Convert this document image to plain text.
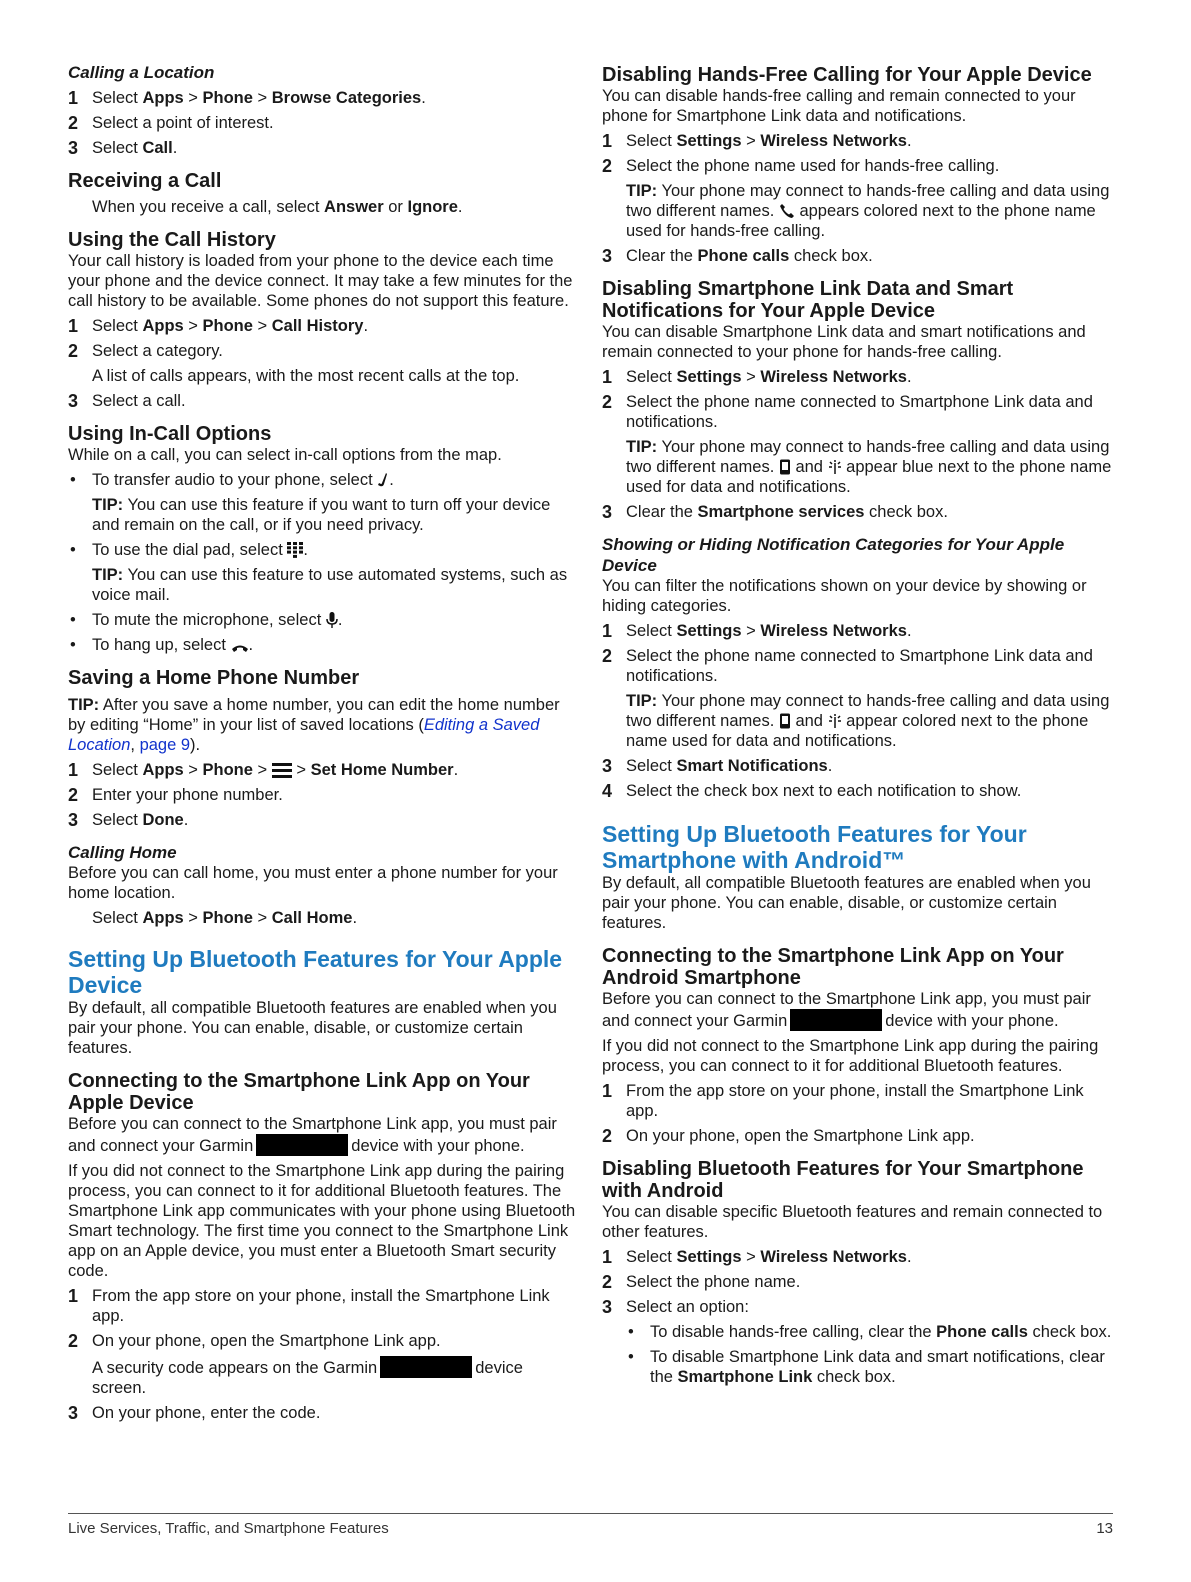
Calling a Location

1 Select Apps > Phone > Browse Categories.
2 Select a point of interest.
3 Select Call.

Receiving a Call

When you receive a call, select Answer or Ignore.

Using the Call History

Your call history is loaded from your phone to the device each time your phone and the device connect. It may take a few minutes for the call history to be available. Some phones do not support this feature.

1 Select Apps > Phone > Call History.
2 Select a category.
A list of calls appears, with the most recent calls at the top.
3 Select a call.

Using In-Call Options

While on a call, you can select in-call options from the map.

• To transfer audio to your phone, select .
TIP: You can use this feature if you want to turn off your device and remain on the call, or if you need privacy.
• To use the dial pad, select .
TIP: You can use this feature to use automated systems, such as voice mail.
• To mute the microphone, select .
• To hang up, select .

Saving a Home Phone Number

TIP: After you save a home number, you can edit the home number by editing “Home” in your list of saved locations (Editing a Saved Location, page 9).

1 Select Apps > Phone >  > Set Home Number.
2 Enter your phone number.
3 Select Done.

Calling Home

Before you can call home, you must enter a phone number for your home location.

Select Apps > Phone > Call Home.

Setting Up Bluetooth Features for Your Apple Device

By default, all compatible Bluetooth features are enabled when you pair your phone. You can enable, disable, or customize certain features.

Connecting to the Smartphone Link App on Your Apple Device

Before you can connect to the Smartphone Link app, you must pair and connect your Garmin	device with your phone.

If you did not connect to the Smartphone Link app during the pairing process, you can connect to it for additional Bluetooth features. The Smartphone Link app communicates with your phone using Bluetooth Smart technology. The first time you connect to the Smartphone Link app on an Apple device, you must enter a Bluetooth Smart security code.

1 From the app store on your phone, install the Smartphone Link app.
2 On your phone, open the Smartphone Link app.
A security code appears on the Garmin	device screen.
3 On your phone, enter the code.

Disabling Hands-Free Calling for Your Apple Device

You can disable hands-free calling and remain connected to your phone for Smartphone Link data and notifications.

1 Select Settings > Wireless Networks.
2 Select the phone name used for hands-free calling.
TIP: Your phone may connect to hands-free calling and data using two different names.  appears colored next to the phone name used for hands-free calling.
3 Clear the Phone calls check box.

Disabling Smartphone Link Data and Smart Notifications for Your Apple Device

You can disable Smartphone Link data and smart notifications and remain connected to your phone for hands-free calling.

1 Select Settings > Wireless Networks.
2 Select the phone name connected to Smartphone Link data and notifications.
TIP: Your phone may connect to hands-free calling and data using two different names.  and  appear blue next to the phone name used for data and notifications.
3 Clear the Smartphone services check box.

Showing or Hiding Notification Categories for Your Apple Device

You can filter the notifications shown on your device by showing or hiding categories.

1 Select Settings > Wireless Networks.
2 Select the phone name connected to Smartphone Link data and notifications.
TIP: Your phone may connect to hands-free calling and data using two different names.  and  appear colored next to the phone name used for data and notifications.
3 Select Smart Notifications.
4 Select the check box next to each notification to show.

Setting Up Bluetooth Features for Your Smartphone with Android™

By default, all compatible Bluetooth features are enabled when you pair your phone. You can enable, disable, or customize certain features.

Connecting to the Smartphone Link App on Your Android Smartphone

Before you can connect to the Smartphone Link app, you must pair and connect your Garmin	device with your phone.

If you did not connect to the Smartphone Link app during the pairing process, you can connect to it for additional Bluetooth features.

1 From the app store on your phone, install the Smartphone Link app.
2 On your phone, open the Smartphone Link app.

Disabling Bluetooth Features for Your Smartphone with Android

You can disable specific Bluetooth features and remain connected to other features.

1 Select Settings > Wireless Networks.
2 Select the phone name.
3 Select an option:
• To disable hands-free calling, clear the Phone calls check box.
• To disable Smartphone Link data and smart notifications, clear the Smartphone Link check box.
Live Services, Traffic, and Smartphone Features	13
